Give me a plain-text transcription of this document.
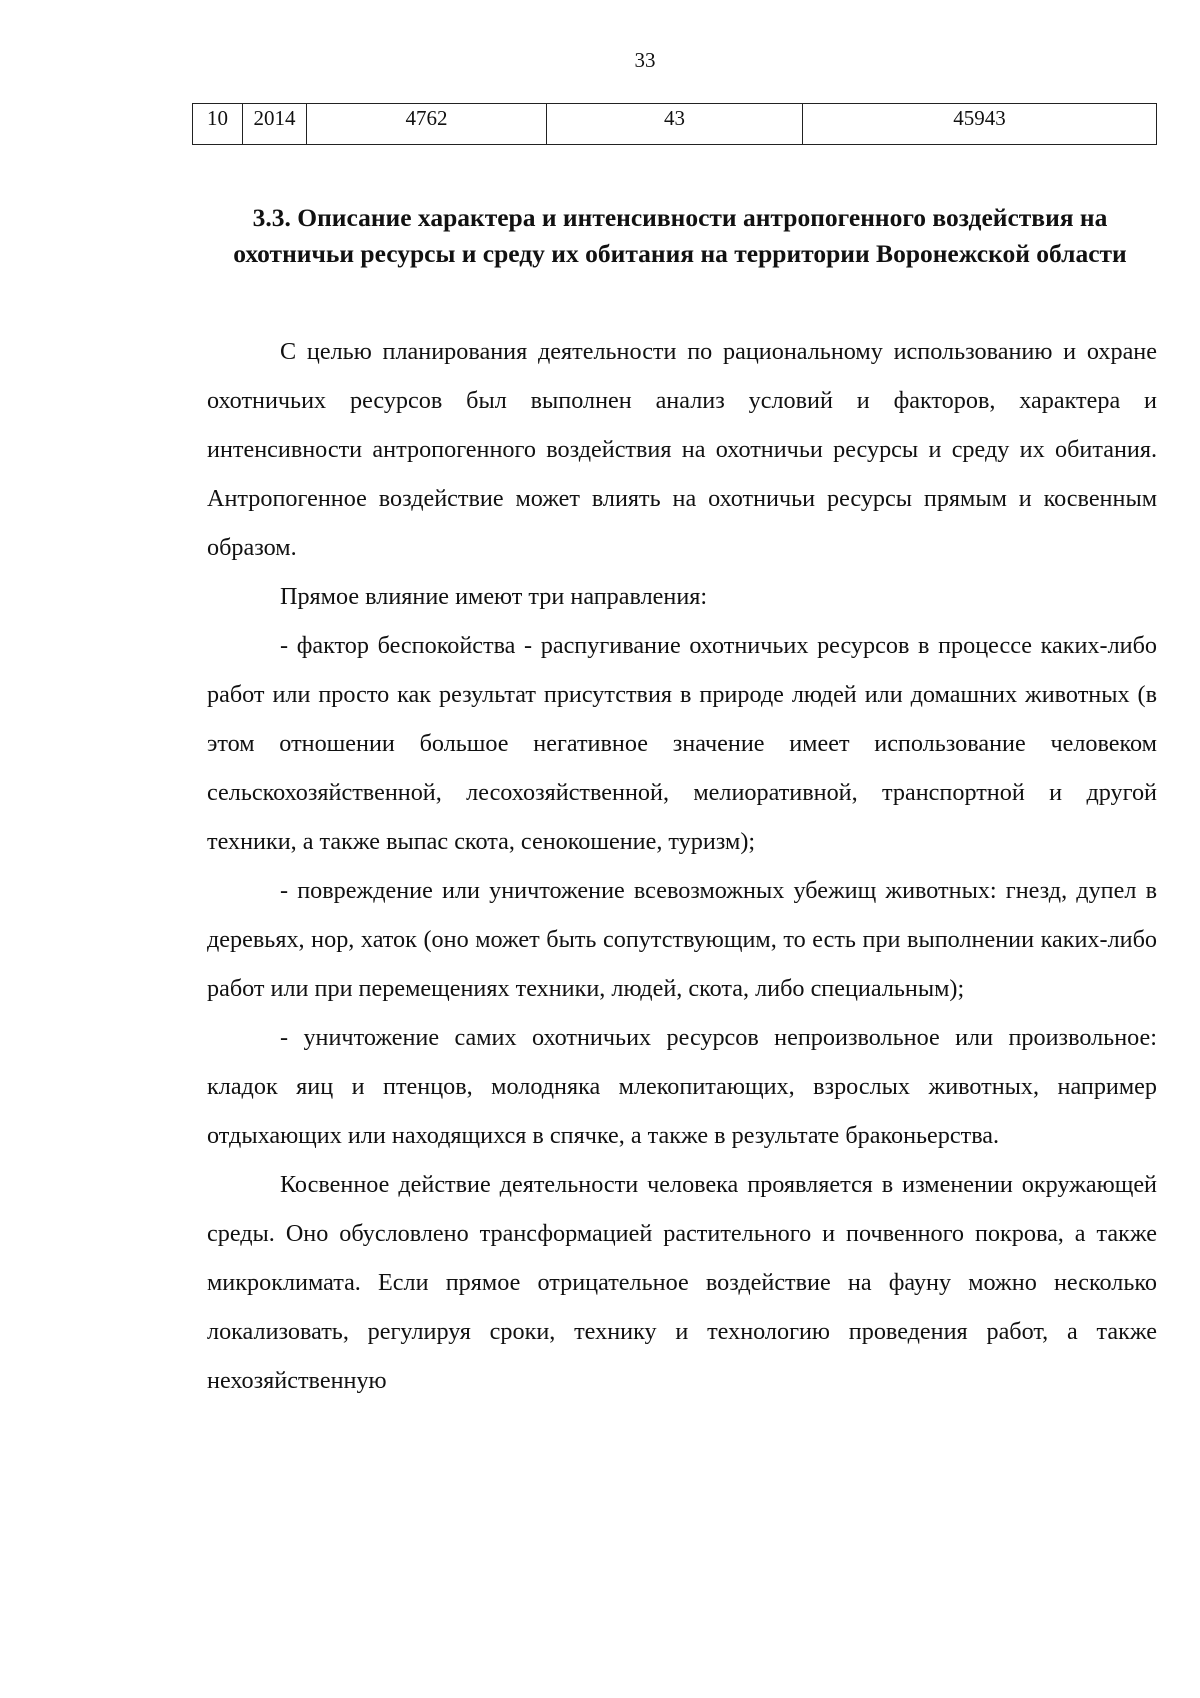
33
10	2014	4762	43	45943
3.3. Описание характера и интенсивности антропогенного воздействия на охотничьи ресурсы и среду их обитания на территории Воронежской области

С целью планирования деятельности по рациональному использованию и охране охотничьих ресурсов был выполнен анализ условий и факторов, характера и интенсивности антропогенного воздействия на охотничьи ресурсы и среду их обитания. Антропогенное воздействие может влиять на охотничьи ресурсы прямым и косвенным образом.

Прямое влияние имеют три направления:

- фактор беспокойства - распугивание охотничьих ресурсов в процессе каких-либо работ или просто как результат присутствия в природе людей или домашних животных (в этом отношении большое негативное значение имеет использование человеком сельскохозяйственной, лесохозяйственной, мелиоративной, транспортной и другой техники, а также выпас скота, сенокошение, туризм);

- повреждение или уничтожение всевозможных убежищ животных: гнезд, дупел в деревьях, нор, хаток (оно может быть сопутствующим, то есть при выполнении каких-либо работ или при перемещениях техники, людей, скота, либо специальным);

- уничтожение самих охотничьих ресурсов непроизвольное или произвольное: кладок яиц и птенцов, молодняка млекопитающих, взрослых животных, например отдыхающих или находящихся в спячке, а также в результате браконьерства.

Косвенное действие деятельности человека проявляется в изменении окружающей среды. Оно обусловлено трансформацией растительного и почвенного покрова, а также микроклимата. Если прямое отрицательное воздействие на фауну можно несколько локализовать, регулируя сроки, технику и технологию проведения работ, а также нехозяйственную
